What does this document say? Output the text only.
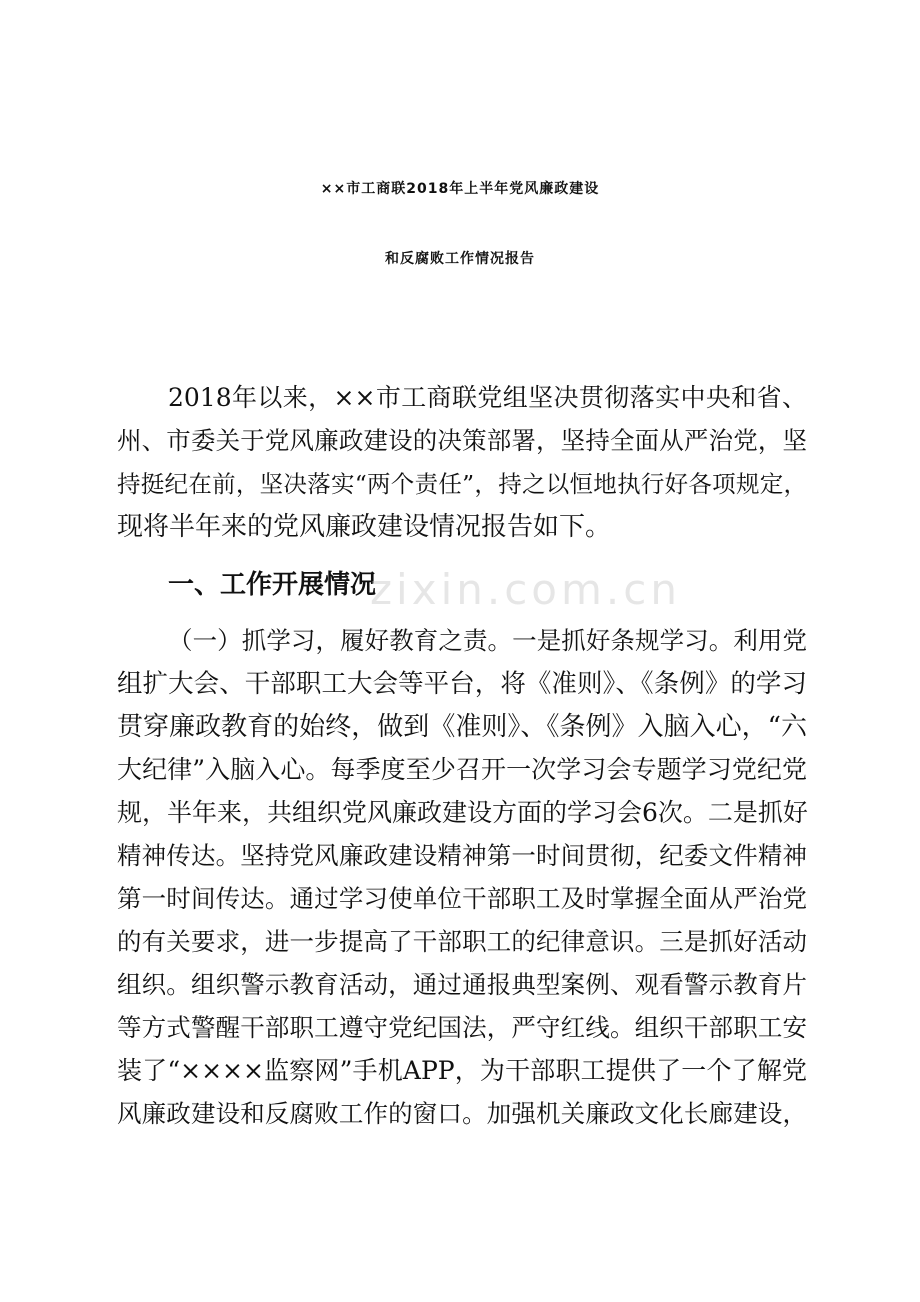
××市工商联2018年上半年党风廉政建设
和反腐败工作情况报告
2018年以来，××市工商联党组坚决贯彻落实中央和省、
州、市委关于党风廉政建设的决策部署，坚持全面从严治党，坚
持挺纪在前，坚决落实“两个责任”，持之以恒地执行好各项规定，
现将半年来的党风廉政建设情况报告如下。
一、工作开展情况
zixin.com.cn
（一）抓学习，履好教育之责。一是抓好条规学习。利用党
组扩大会、干部职工大会等平台，将《准则》、《条例》的学习
贯穿廉政教育的始终，做到《准则》、《条例》入脑入心，“六
大纪律”入脑入心。每季度至少召开一次学习会专题学习党纪党
规，半年来，共组织党风廉政建设方面的学习会6次。二是抓好
精神传达。坚持党风廉政建设精神第一时间贯彻，纪委文件精神
第一时间传达。通过学习使单位干部职工及时掌握全面从严治党
的有关要求，进一步提高了干部职工的纪律意识。三是抓好活动
组织。组织警示教育活动，通过通报典型案例、观看警示教育片
等方式警醒干部职工遵守党纪国法，严守红线。组织干部职工安
装了“××××监察网”手机APP，为干部职工提供了一个了解党
风廉政建设和反腐败工作的窗口。加强机关廉政文化长廊建设，
